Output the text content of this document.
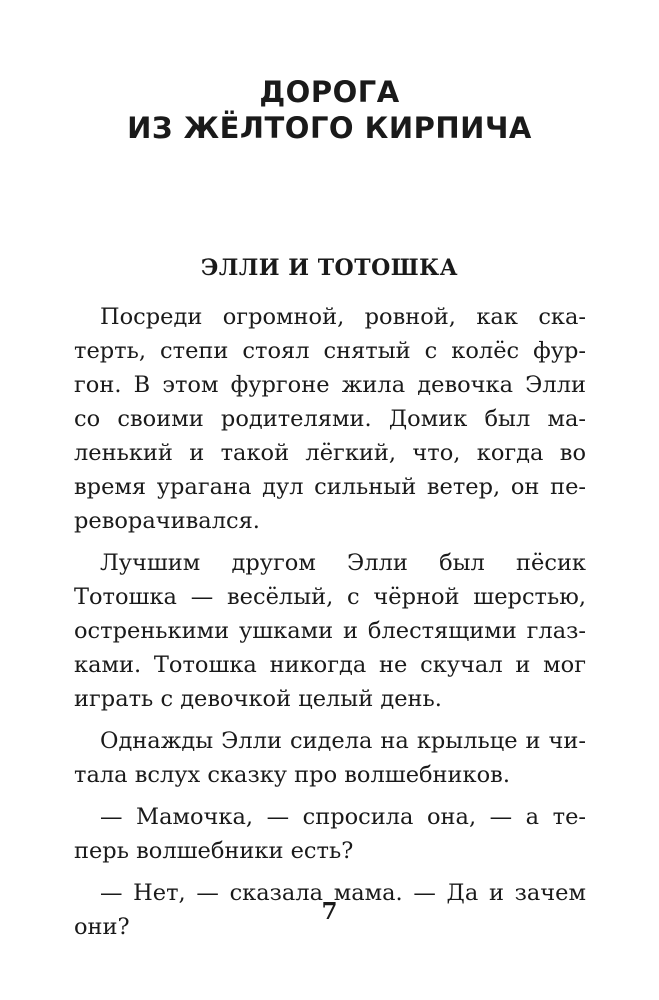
ДОРОГА
ИЗ ЖЁЛТОГО КИРПИЧА
ЭЛЛИ И ТОТОШКА
Посреди огромной, ровной, как ска-
терть, степи стоял снятый с колёс фур-
гон. В этом фургоне жила девочка Элли
со своими родителями. Домик был ма-
ленький и такой лёгкий, что, когда во
время урагана дул сильный ветер, он пе-
реворачивался.
Лучшим другом Элли был пёсик
Тотошка — весёлый, с чёрной шерстью,
остренькими ушками и блестящими глаз-
ками. Тотошка никогда не скучал и мог
играть с девочкой целый день.
Однажды Элли сидела на крыльце и чи-
тала вслух сказку про волшебников.
— Мамочка, — спросила она, — а те-
перь волшебники есть?
— Нет, — сказала мама. — Да и зачем
они?
7
